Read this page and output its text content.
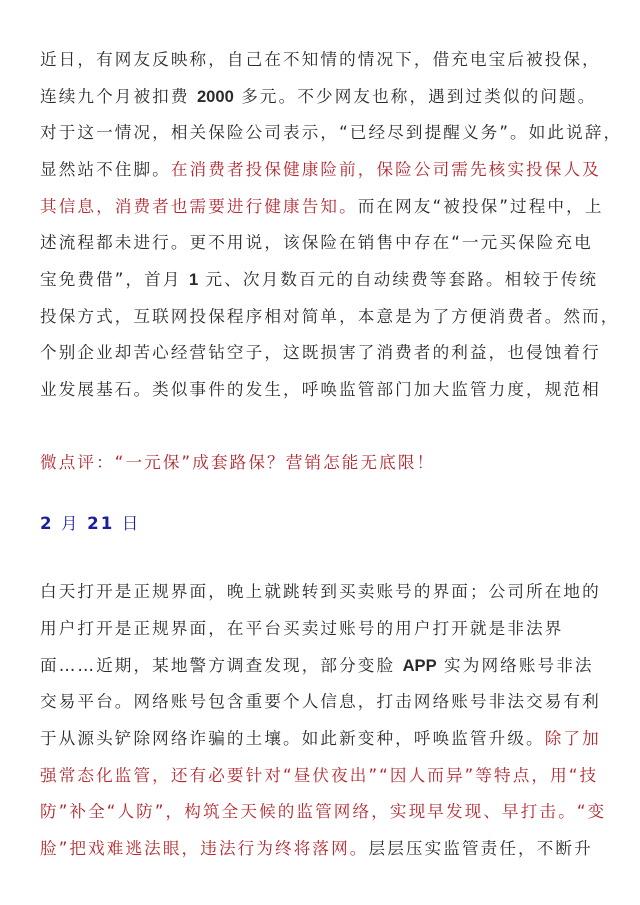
近日，有网友反映称，自己在不知情的情况下，借充电宝后被投保，
连续九个月被扣费 2000 多元。不少网友也称，遇到过类似的问题。
对于这一情况，相关保险公司表示，“已经尽到提醒义务”。如此说辞，
显然站不住脚。在消费者投保健康险前，保险公司需先核实投保人及
其信息，消费者也需要进行健康告知。而在网友“被投保”过程中，上
述流程都未进行。更不用说，该保险在销售中存在“一元买保险充电
宝免费借”，首月 1 元、次月数百元的自动续费等套路。相较于传统
投保方式，互联网投保程序相对简单，本意是为了方便消费者。然而，
个别企业却苦心经营钻空子，这既损害了消费者的利益，也侵蚀着行
业发展基石。类似事件的发生，呼唤监管部门加大监管力度，规范相
微点评：“一元保”成套路保？营销怎能无底限！
2 月 21 日
白天打开是正规界面，晚上就跳转到买卖账号的界面；公司所在地的
用户打开是正规界面，在平台买卖过账号的用户打开就是非法界
面……近期，某地警方调查发现，部分变脸 APP 实为网络账号非法
交易平台。网络账号包含重要个人信息，打击网络账号非法交易有利
于从源头铲除网络诈骗的土壤。如此新变种，呼唤监管升级。除了加
强常态化监管，还有必要针对“昼伏夜出”“因人而异”等特点，用“技
防”补全“人防”，构筑全天候的监管网络，实现早发现、早打击。“变
脸”把戏难逃法眼，违法行为终将落网。层层压实监管责任，不断升
